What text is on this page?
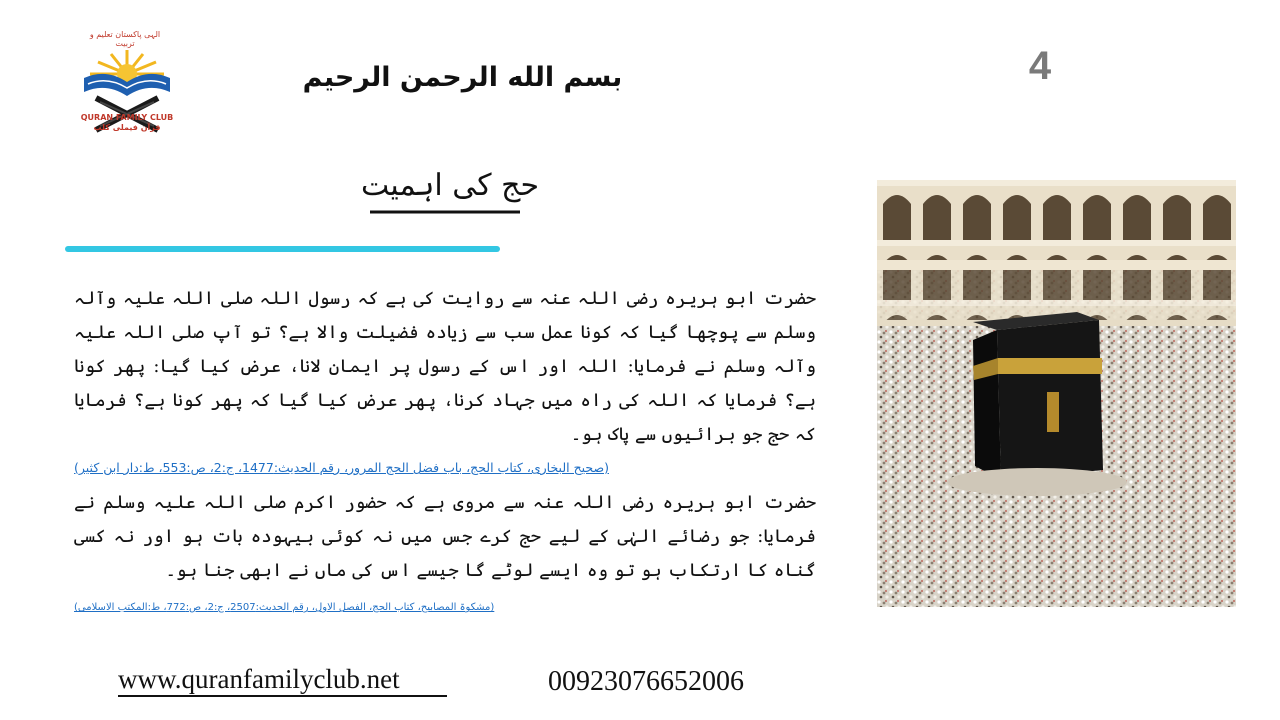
الہی پاکستان تعلیم و تربیت
QURAN FAMILY CLUB
قرآن فیملی کلب
بسم الله الرحمن الرحيم	4
حج کی اہمیت
حضرت ابو ہریرہ رضی اللہ عنہ سے روایت کی ہے کہ رسول اللہ صلی اللہ علیہ وآلہ وسلم سے پوچھا گیا کہ کونا عمل سب سے زیادہ فضیلت والا ہے؟ تو آپ صلی اللہ علیہ وآلہ وسلم نے فرمایا: اللہ اور اس کے رسول پر ایمان لانا، عرض کیا گیا: پھر کونا ہے؟ فرمایا کہ اللہ کی راہ میں جہاد کرنا، پھر عرض کیا گیا کہ پھر کونا ہے؟ فرمایا کہ حج جو برائیوں سے پاک ہو۔
(صحیح البخاری، کتاب الحج، باب فضل الحج المرور، رقم الحدیث:1477، ج:2، ص:553، ط:دار ابن کثیر)
حضرت ابو ہریرہ رضی اللہ عنہ سے مروی ہے کہ حضور اکرم صلی اللہ علیہ وسلم نے فرمایا: جو رضائے الہٰی کے لیے حج کرے جس میں نہ کوئی بیہودہ بات ہو اور نہ کسی گناہ کا ارتکاب ہو تو وہ ایسے لوٹے گا جیسے اس کی ماں نے ابھی جنا ہو۔
(مشکوۃ المصابیح، کتاب الحج، الفصل الاول، رقم الحدیث:2507، ج:2، ص:772، ط:المکتب الاسلامی)
www.quranfamilyclub.net	00923076652006
